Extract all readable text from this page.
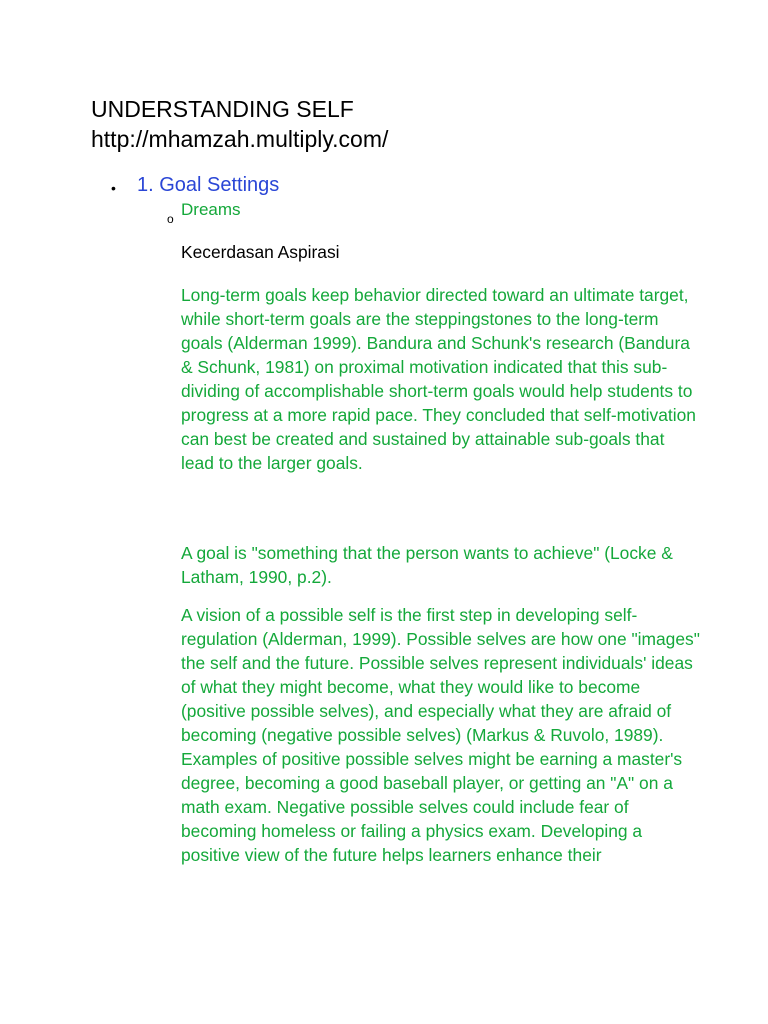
UNDERSTANDING SELF
http://mhamzah.multiply.com/
• 1. Goal Settings
o Dreams

Kecerdasan Aspirasi

Long-term goals keep behavior directed toward an ultimate target, while short-term goals are the steppingstones to the long-term goals (Alderman 1999). Bandura and Schunk's research (Bandura & Schunk, 1981) on proximal motivation indicated that this sub-dividing of accomplishable short-term goals would help students to progress at a more rapid pace. They concluded that self-motivation can best be created and sustained by attainable sub-goals that lead to the larger goals.

A goal is "something that the person wants to achieve" (Locke & Latham, 1990, p.2).

A vision of a possible self is the first step in developing self-regulation (Alderman, 1999). Possible selves are how one "images" the self and the future. Possible selves represent individuals' ideas of what they might become, what they would like to become (positive possible selves), and especially what they are afraid of becoming (negative possible selves) (Markus & Ruvolo, 1989). Examples of positive possible selves might be earning a master's degree, becoming a good baseball player, or getting an "A" on a math exam. Negative possible selves could include fear of becoming homeless or failing a physics exam. Developing a positive view of the future helps learners enhance their
